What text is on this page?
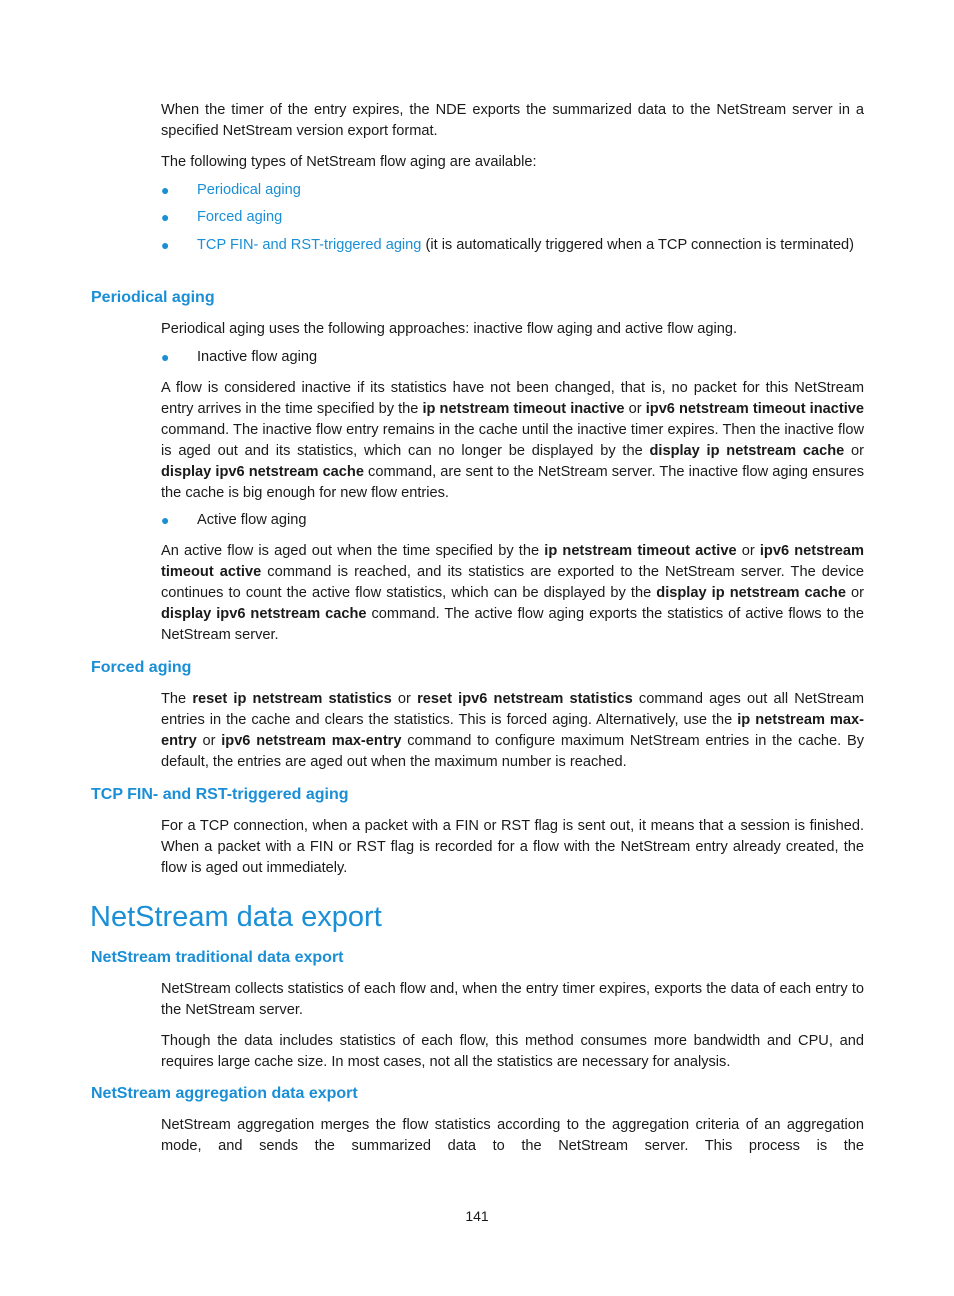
When the timer of the entry expires, the NDE exports the summarized data to the NetStream server in a specified NetStream version export format.

The following types of NetStream flow aging are available:

● Periodical aging
● Forced aging
● TCP FIN- and RST-triggered aging (it is automatically triggered when a TCP connection is terminated)
Periodical aging

Periodical aging uses the following approaches: inactive flow aging and active flow aging.

● Inactive flow aging

A flow is considered inactive if its statistics have not been changed, that is, no packet for this NetStream entry arrives in the time specified by the ip netstream timeout inactive or ipv6 netstream timeout inactive command. The inactive flow entry remains in the cache until the inactive timer expires. Then the inactive flow is aged out and its statistics, which can no longer be displayed by the display ip netstream cache or display ipv6 netstream cache command, are sent to the NetStream server. The inactive flow aging ensures the cache is big enough for new flow entries.

● Active flow aging

An active flow is aged out when the time specified by the ip netstream timeout active or ipv6 netstream timeout active command is reached, and its statistics are exported to the NetStream server. The device continues to count the active flow statistics, which can be displayed by the display ip netstream cache or display ipv6 netstream cache command. The active flow aging exports the statistics of active flows to the NetStream server.

Forced aging

The reset ip netstream statistics or reset ipv6 netstream statistics command ages out all NetStream entries in the cache and clears the statistics. This is forced aging. Alternatively, use the ip netstream max-entry or ipv6 netstream max-entry command to configure maximum NetStream entries in the cache. By default, the entries are aged out when the maximum number is reached.

TCP FIN- and RST-triggered aging

For a TCP connection, when a packet with a FIN or RST flag is sent out, it means that a session is finished. When a packet with a FIN or RST flag is recorded for a flow with the NetStream entry already created, the flow is aged out immediately.

NetStream data export
NetStream traditional data export

NetStream collects statistics of each flow and, when the entry timer expires, exports the data of each entry to the NetStream server.

Though the data includes statistics of each flow, this method consumes more bandwidth and CPU, and requires large cache size. In most cases, not all the statistics are necessary for analysis.

NetStream aggregation data export

NetStream aggregation merges the flow statistics according to the aggregation criteria of an aggregation mode, and sends the summarized data to the NetStream server. This process is the

141
